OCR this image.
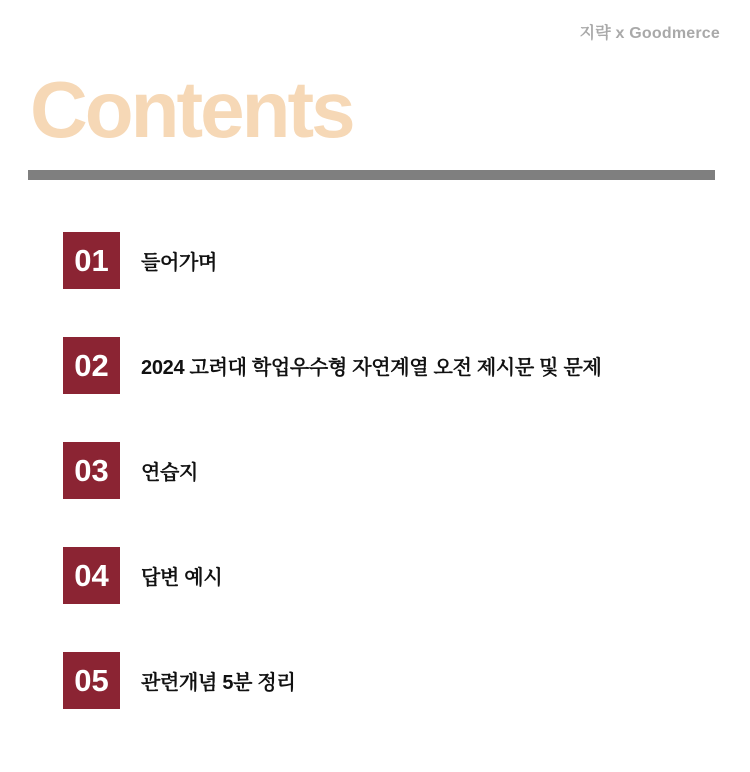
지략 x Goodmerce
Contents
01	들어가며
02	2024 고려대 학업우수형 자연계열 오전 제시문 및 문제
03	연습지
04	답변 예시
05	관련개념 5분 정리
